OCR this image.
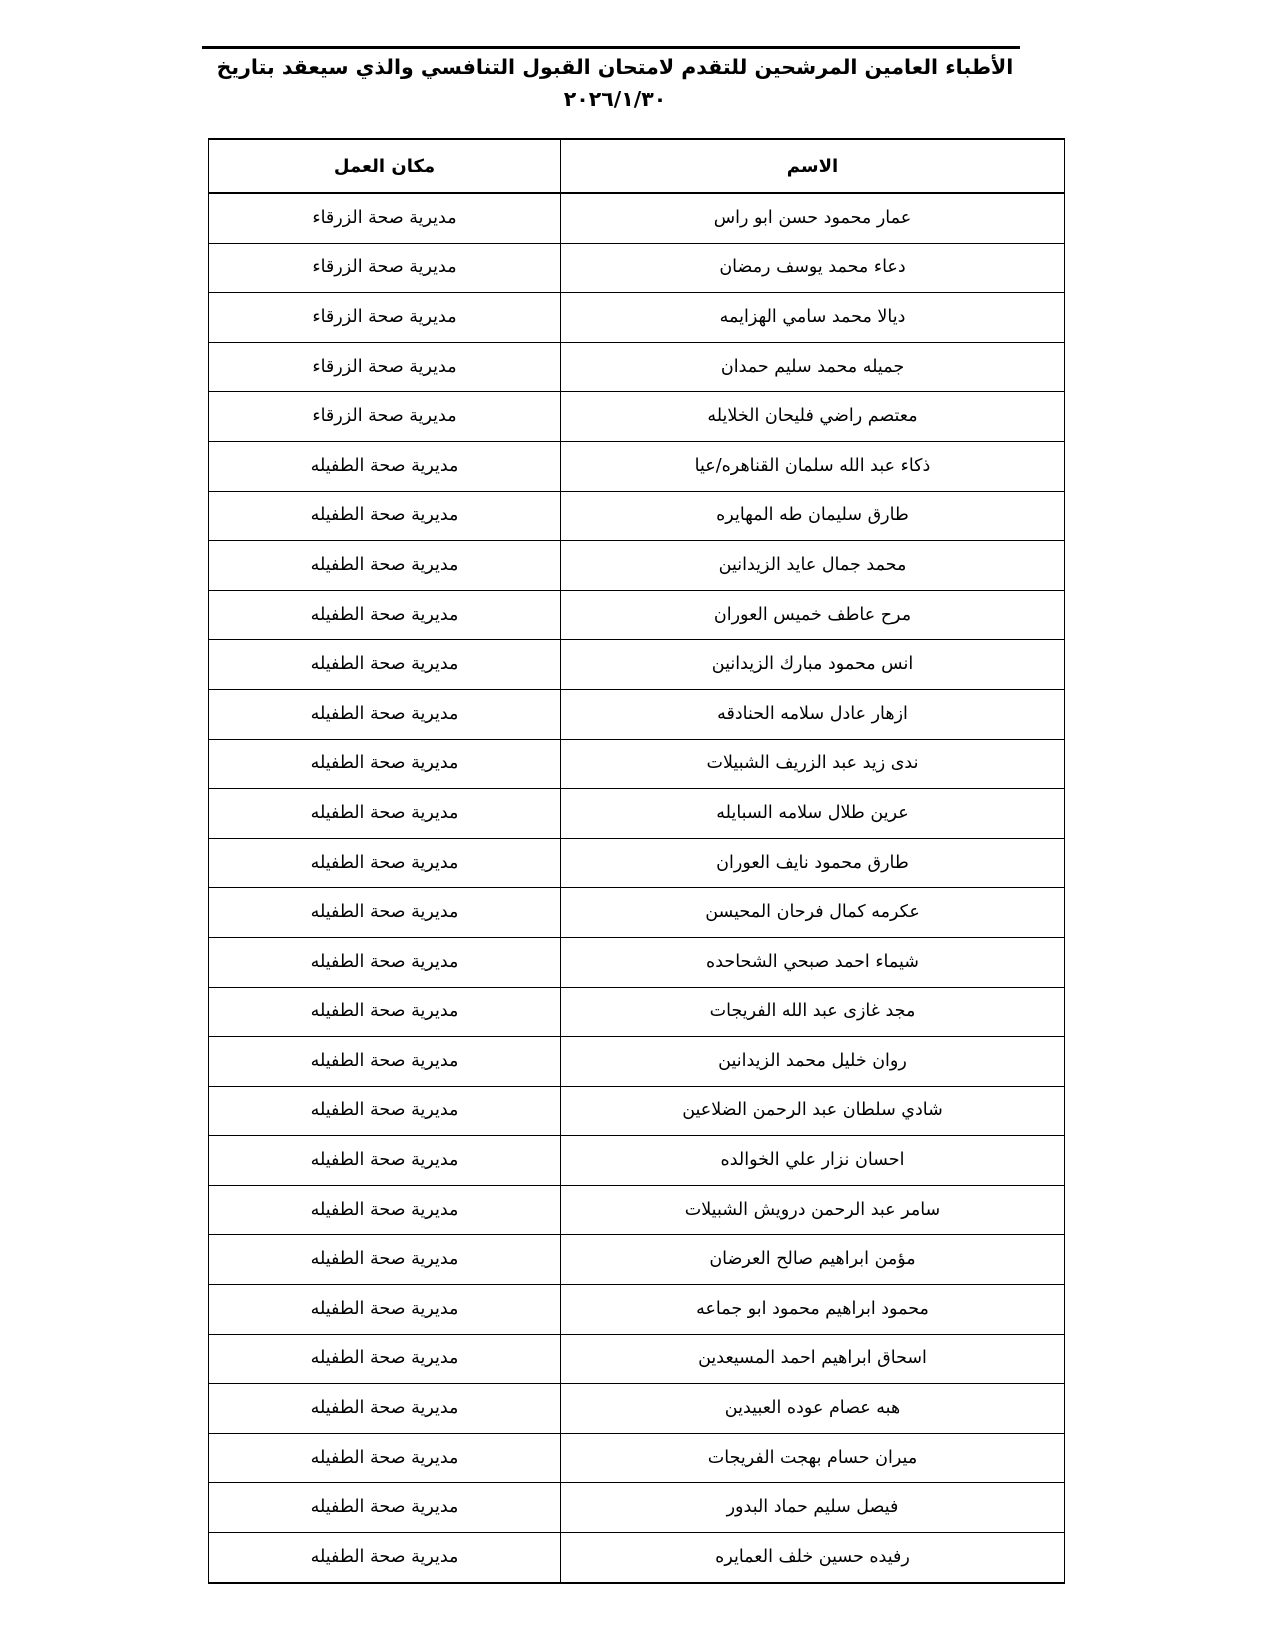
الأطباء العامين المرشحين للتقدم لامتحان القبول التنافسي والذي سيعقد بتاريخ
٢٠٢٦/١/٣٠
الاسم	مكان العمل

عمار محمود حسن ابو راس	مديرية صحة الزرقاء

دعاء محمد يوسف رمضان	مديرية صحة الزرقاء

ديالا محمد سامي الهزايمه	مديرية صحة الزرقاء

جميله محمد سليم حمدان	مديرية صحة الزرقاء

معتصم راضي فليحان الخلايله	مديرية صحة الزرقاء

ذكاء عبد الله سلمان القناهره/عيا	مديرية صحة الطفيله

طارق سليمان طه المهايره	مديرية صحة الطفيله

محمد جمال عايد الزيدانين	مديرية صحة الطفيله

مرح عاطف خميس العوران	مديرية صحة الطفيله

انس محمود مبارك الزيدانين	مديرية صحة الطفيله

ازهار عادل سلامه الحنادقه	مديرية صحة الطفيله

ندى زيد عبد الزريف الشبيلات	مديرية صحة الطفيله

عرين طلال سلامه السبايله	مديرية صحة الطفيله

طارق محمود نايف العوران	مديرية صحة الطفيله

عكرمه كمال فرحان المحيسن	مديرية صحة الطفيله

شيماء احمد صبحي الشحاحده	مديرية صحة الطفيله

مجد غازى عبد الله الفريجات	مديرية صحة الطفيله

روان خليل محمد الزيدانين	مديرية صحة الطفيله

شادي سلطان عبد الرحمن الضلاعين	مديرية صحة الطفيله

احسان نزار علي الخوالده	مديرية صحة الطفيله

سامر عبد الرحمن درويش الشبيلات	مديرية صحة الطفيله

مؤمن ابراهيم صالح العرضان	مديرية صحة الطفيله

محمود ابراهيم محمود ابو جماعه	مديرية صحة الطفيله

اسحاق ابراهيم احمد المسيعدين	مديرية صحة الطفيله

هبه عصام عوده العبيدين	مديرية صحة الطفيله

ميران حسام بهجت الفريجات	مديرية صحة الطفيله

فيصل سليم حماد البدور	مديرية صحة الطفيله

رفيده حسين خلف العمايره	مديرية صحة الطفيله
